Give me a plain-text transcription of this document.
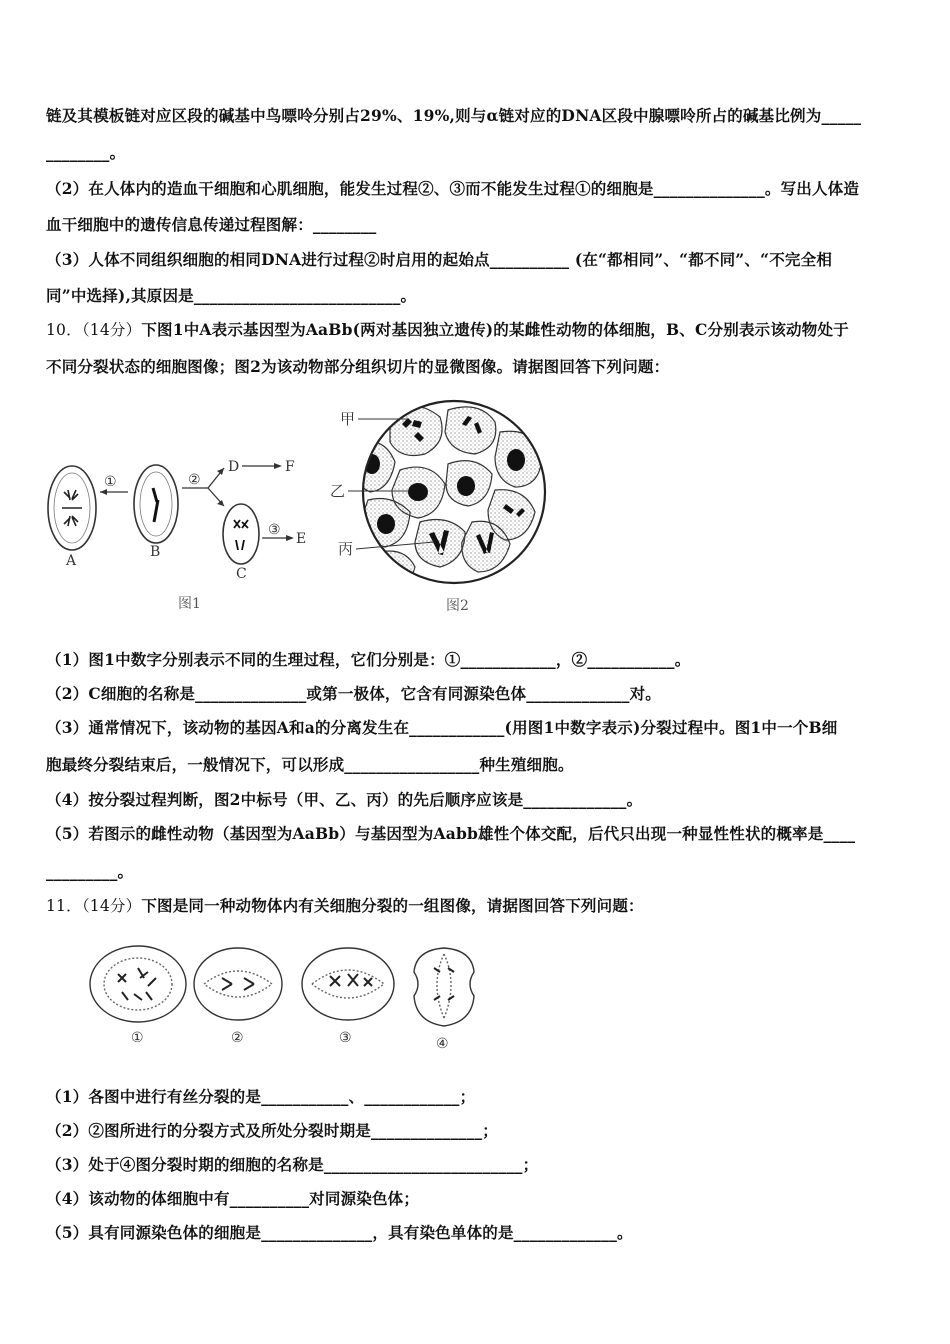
链及其模板链对应区段的碱基中鸟嘌呤分别占29%、19%,则与α链对应的DNA区段中腺嘌呤所占的碱基比例为_____
________。
（2）在人体内的造血干细胞和心肌细胞，能发生过程②、③而不能发生过程①的细胞是______________。写出人体造
血干细胞中的遗传信息传递过程图解：________
（3）人体不同组织细胞的相同DNA进行过程②时启用的起始点__________ (在“都相同”、“都不同”、“不完全相
同”中选择),其原因是__________________________。
10．（14分）下图1中A表示基因型为AaBb(两对基因独立遗传)的某雌性动物的体细胞，B、C分别表示该动物处于
不同分裂状态的细胞图像；图2为该动物部分组织切片的显微图像。请据图回答下列问题：
A
①
B
②
D	F
C
③
E
图1
甲
乙
丙
图2
（1）图1中数字分别表示不同的生理过程，它们分别是：①____________，②___________。
（2）C细胞的名称是______________或第一极体，它含有同源染色体_____________对。
（3）通常情况下，该动物的基因A和a的分离发生在____________(用图1中数字表示)分裂过程中。图1中一个B细
胞最终分裂结束后，一般情况下，可以形成_________________种生殖细胞。
（4）按分裂过程判断，图2中标号（甲、乙、丙）的先后顺序应该是_____________。
（5）若图示的雌性动物（基因型为AaBb）与基因型为Aabb雄性个体交配，后代只出现一种显性性状的概率是____
_________。
11．（14分）下图是同一种动物体内有关细胞分裂的一组图像，请据图回答下列问题：
①	②	③	④
（1）各图中进行有丝分裂的是___________、____________；
（2）②图所进行的分裂方式及所处分裂时期是______________；
（3）处于④图分裂时期的细胞的名称是_________________________；
（4）该动物的体细胞中有__________对同源染色体；
（5）具有同源染色体的细胞是______________，具有染色单体的是_____________。
